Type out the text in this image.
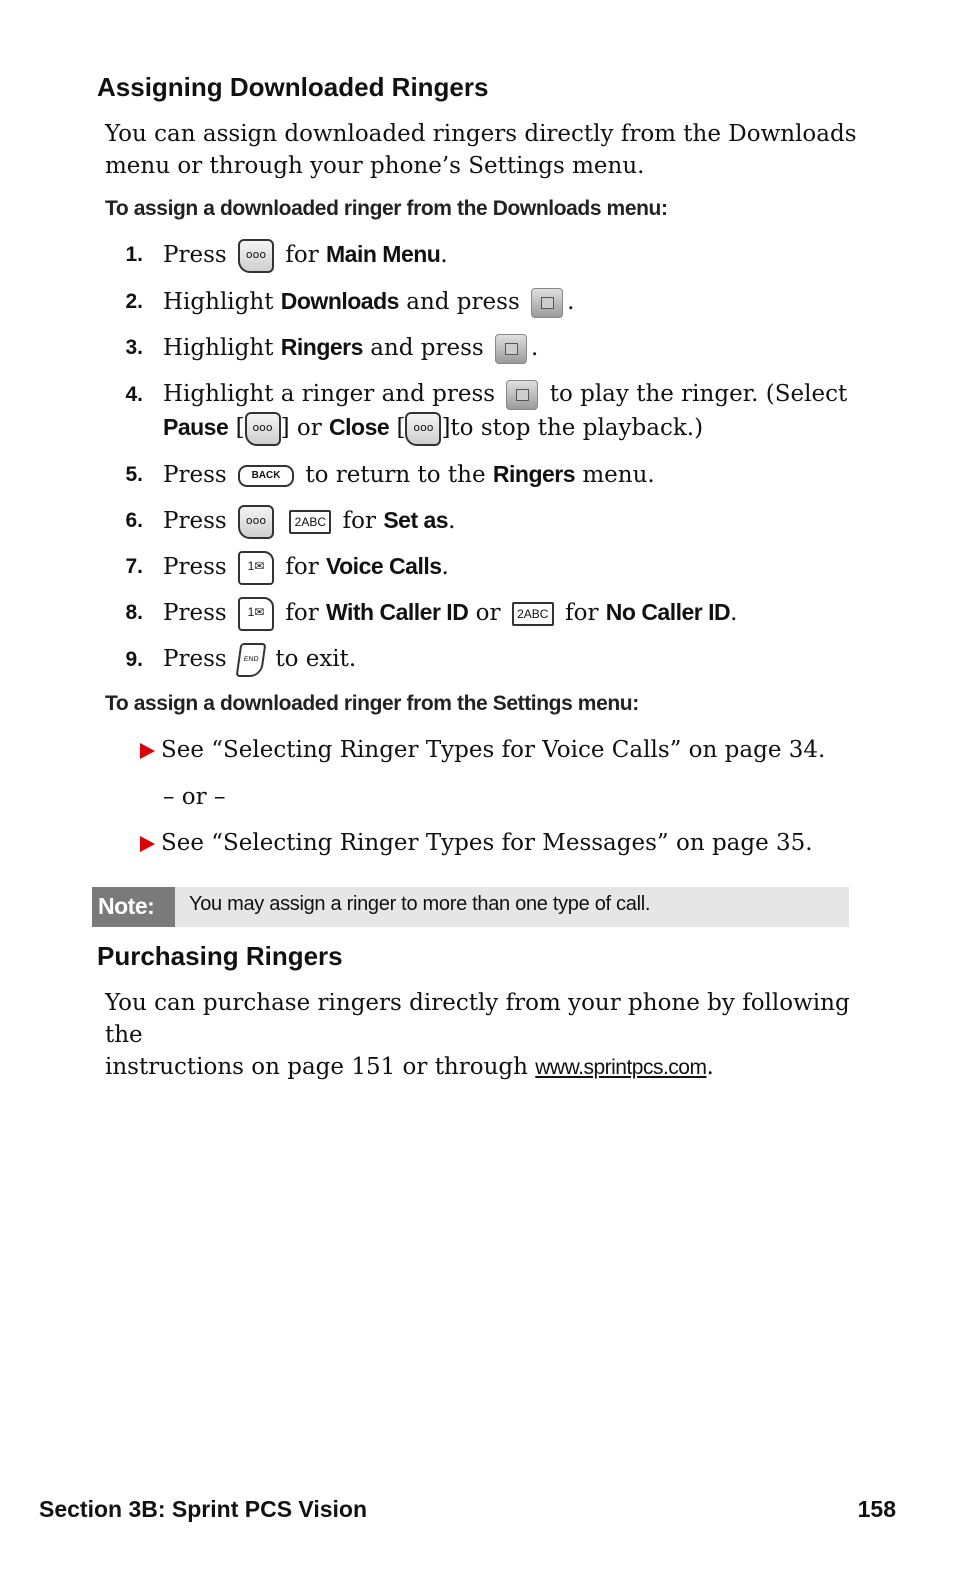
Assigning Downloaded Ringers
You can assign downloaded ringers directly from the Downloads
menu or through your phone’s Settings menu.
To assign a downloaded ringer from the Downloads menu:
1. Press ooo for Main Menu.
2. Highlight Downloads and press .
3. Highlight Ringers and press .
4. Highlight a ringer and press to play the ringer. (Select
Pause [ ooo ] or Close [ ooo ]to stop the playback.)
5. Press BACK to return to the Ringers menu.
6. Press ooo 2ABC for Set as.
7. Press 1✉ for Voice Calls.
8. Press 1✉ for With Caller ID or 2ABC for No Caller ID.
9. Press END to exit.
To assign a downloaded ringer from the Settings menu:
See “Selecting Ringer Types for Voice Calls” on page 34.
– or –
See “Selecting Ringer Types for Messages” on page 35.
Note:	You may assign a ringer to more than one type of call.
Purchasing Ringers
You can purchase ringers directly from your phone by following the
instructions on page 151 or through www.sprintpcs.com.
Section 3B: Sprint PCS Vision	158
